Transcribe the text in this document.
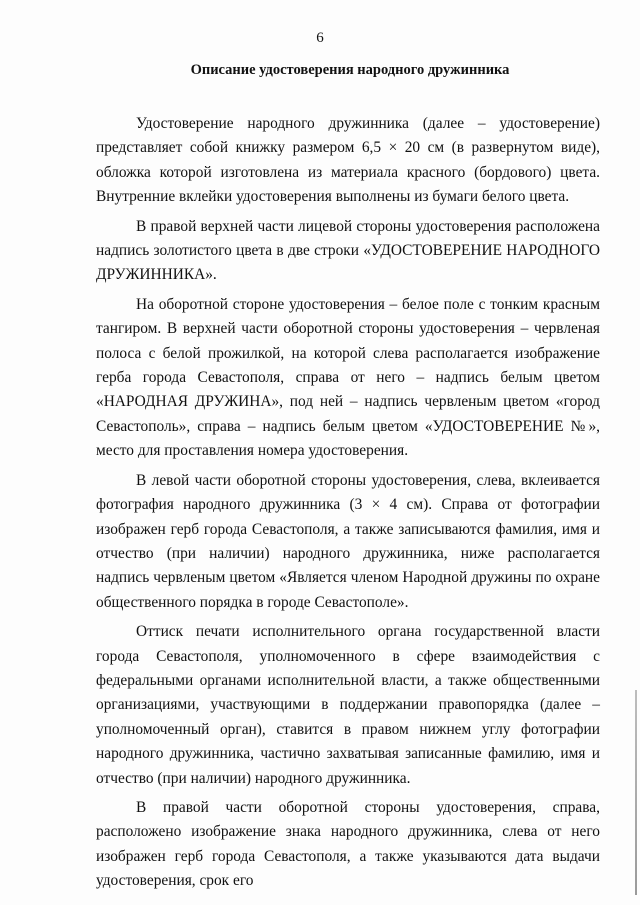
6
Описание удостоверения народного дружинника

Удостоверение народного дружинника (далее – удостоверение) представляет собой книжку размером 6,5 × 20 см (в развернутом виде), обложка которой изготовлена из материала красного (бордового) цвета. Внутренние вклейки удостоверения выполнены из бумаги белого цвета.

В правой верхней части лицевой стороны удостоверения расположена надпись золотистого цвета в две строки «УДОСТОВЕРЕНИЕ НАРОДНОГО ДРУЖИННИКА».

На оборотной стороне удостоверения – белое поле с тонким красным тангиром. В верхней части оборотной стороны удостоверения – червленая полоса с белой прожилкой, на которой слева располагается изображение герба города Севастополя, справа от него – надпись белым цветом «НАРОДНАЯ ДРУЖИНА», под ней – надпись червленым цветом «город Севастополь», справа – надпись белым цветом «УДОСТОВЕРЕНИЕ №», место для проставления номера удостоверения.

В левой части оборотной стороны удостоверения, слева, вклеивается фотография народного дружинника (3 × 4 см). Справа от фотографии изображен герб города Севастополя, а также записываются фамилия, имя и отчество (при наличии) народного дружинника, ниже располагается надпись червленым цветом «Является членом Народной дружины по охране общественного порядка в городе Севастополе».

Оттиск печати исполнительного органа государственной власти города Севастополя, уполномоченного в сфере взаимодействия с федеральными органами исполнительной власти, а также общественными организациями, участвующими в поддержании правопорядка (далее – уполномоченный орган), ставится в правом нижнем углу фотографии народного дружинника, частично захватывая записанные фамилию, имя и отчество (при наличии) народного дружинника.

В правой части оборотной стороны удостоверения, справа, расположено изображение знака народного дружинника, слева от него изображен герб города Севастополя, а также указываются дата выдачи удостоверения, срок его
